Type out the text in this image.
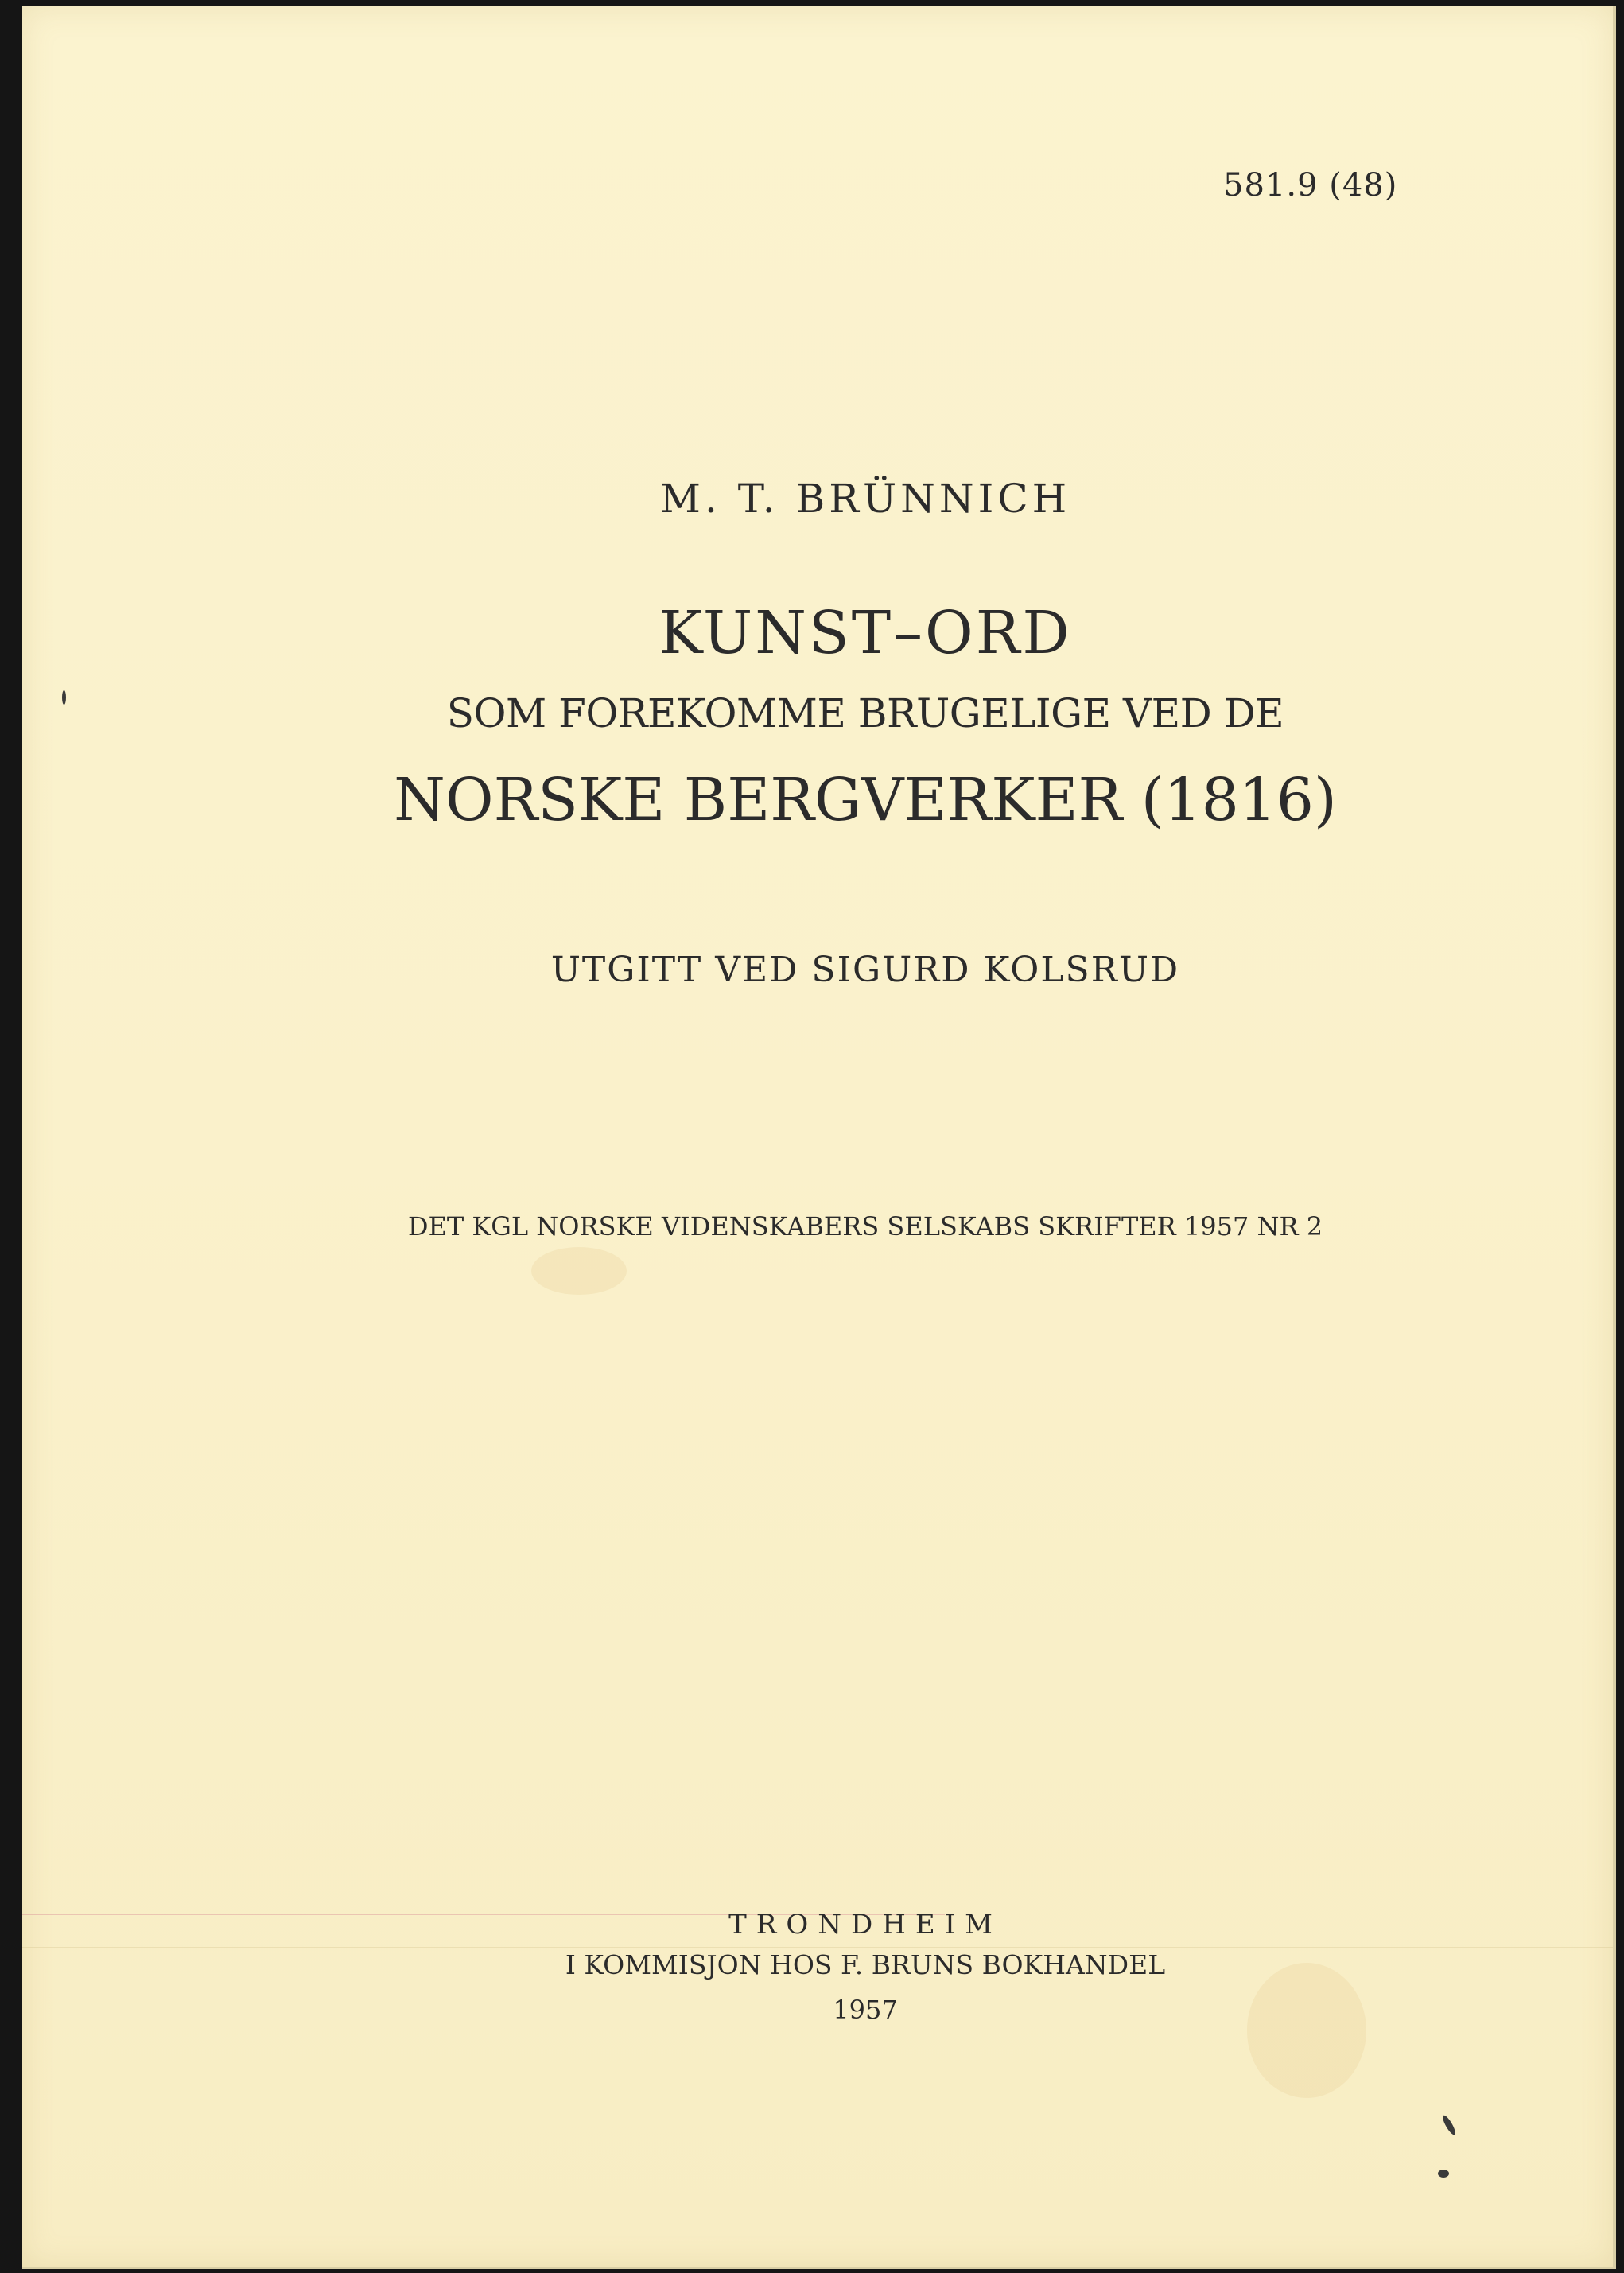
581.9 (48)
M. T. BRÜNNICH
KUNST–ORD
SOM FOREKOMME BRUGELIGE VED DE
NORSKE BERGVERKER (1816)
UTGITT VED SIGURD KOLSRUD
DET KGL NORSKE VIDENSKABERS SELSKABS SKRIFTER 1957 NR 2
TRONDHEIM
I KOMMISJON HOS F. BRUNS BOKHANDEL
1957
